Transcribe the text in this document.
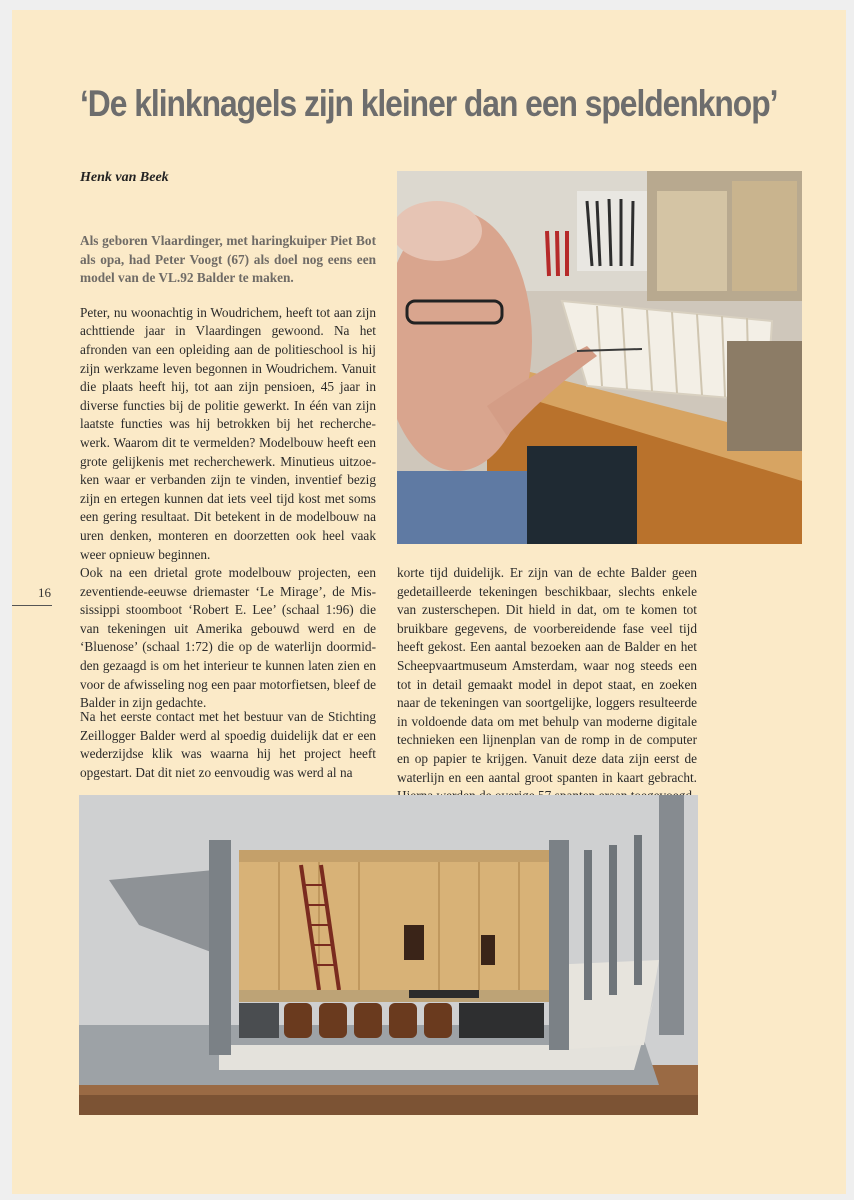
‘De klinknagels zijn kleiner dan een speldenknop’
Henk van Beek

Als geboren Vlaardinger, met haringkuiper Piet Bot als opa, had Peter Voogt (67) als doel nog eens een model van de VL.92 Balder te maken.

Peter, nu woonachtig in Woudrichem, heeft tot aan zijn achttiende jaar in Vlaardingen gewoond. Na het afronden van een opleiding aan de politieschool is hij zijn werkzame leven begonnen in Woudrichem. Vanuit die plaats heeft hij, tot aan zijn pensioen, 45 jaar in diverse functies bij de politie gewerkt. In één van zijn laatste functies was hij betrokken bij het recherche-werk. Waarom dit te vermelden? Modelbouw heeft een grote gelijkenis met recherchewerk. Minutieus uitzoe-ken waar er verbanden zijn te vinden, inventief bezig zijn en ertegen kunnen dat iets veel tijd kost met soms een gering resultaat. Dit betekent in de modelbouw na uren denken, monteren en doorzetten ook heel vaak weer opnieuw beginnen.

Ook na een drietal grote modelbouw projecten, een zeventiende-eeuwse driemaster ‘Le Mirage’, de Mis-sissippi stoomboot ‘Robert E. Lee’ (schaal 1:96) die van tekeningen uit Amerika gebouwd werd en de ‘Bluenose’ (schaal 1:72) die op de waterlijn doormid-den gezaagd is om het interieur te kunnen laten zien en voor de afwisseling nog een paar motorfietsen, bleef de Balder in zijn gedachte.

Na het eerste contact met het bestuur van de Stichting Zeillogger Balder werd al spoedig duidelijk dat er een wederzijdse klik was waarna hij het project heeft opgestart. Dat dit niet zo eenvoudig was werd al na

korte tijd duidelijk. Er zijn van de echte Balder geen gedetailleerde tekeningen beschikbaar, slechts enkele van zusterschepen. Dit hield in dat, om te komen tot bruikbare gegevens, de voorbereidende fase veel tijd heeft gekost. Een aantal bezoeken aan de Balder en het Scheepvaartmuseum Amsterdam, waar nog steeds een tot in detail gemaakt model in depot staat, en zoeken naar de tekeningen van soortgelijke, loggers resulteerde in voldoende data om met behulp van moderne digitale technieken een lijnenplan van de romp in de computer en op papier te krijgen. Vanuit deze data zijn eerst de waterlijn en een aantal groot spanten in kaart gebracht.

16
